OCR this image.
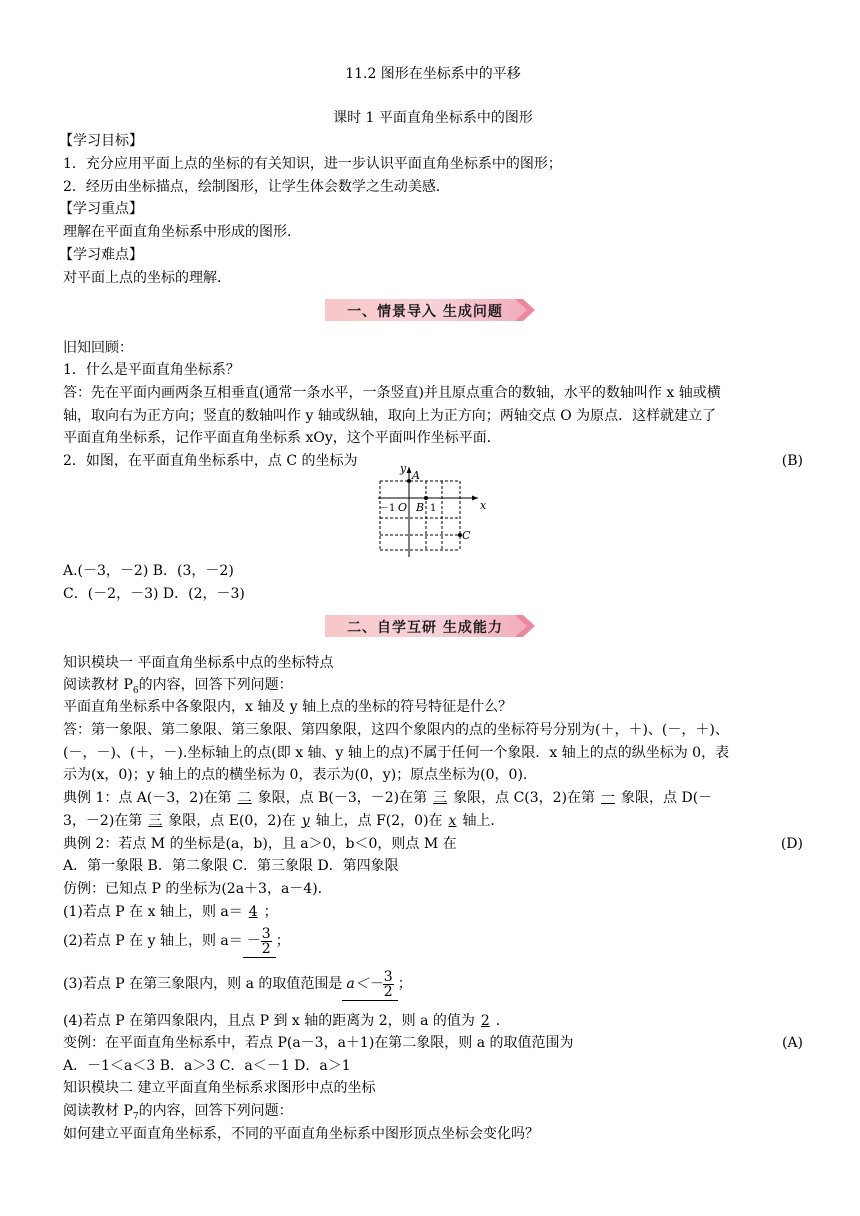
11.2 图形在坐标系中的平移
课时 1 平面直角坐标系中的图形
【学习目标】
1．充分应用平面上点的坐标的有关知识，进一步认识平面直角坐标系中的图形；
2．经历由坐标描点，绘制图形，让学生体会数学之生动美感．
【学习重点】
理解在平面直角坐标系中形成的图形．
【学习难点】
对平面上点的坐标的理解．
一、情景导入 生成问题
旧知回顾：
1．什么是平面直角坐标系？
答：先在平面内画两条互相垂直(通常一条水平，一条竖直)并且原点重合的数轴，水平的数轴叫作 x 轴或横
轴，取向右为正方向；竖直的数轴叫作 y 轴或纵轴，取向上为正方向；两轴交点 O 为原点．这样就建立了
平面直角坐标系，记作平面直角坐标系 xOy，这个平面叫作坐标平面．
2．如图，在平面直角坐标系中，点 C 的坐标为	(B)
y
x
A
B
C
O
－1	1
A.(－3，－2) B．(3，－2)
C．(－2，－3) D．(2，－3)
二、自学互研 生成能力
知识模块一 平面直角坐标系中点的坐标特点
阅读教材 $P_6$的内容，回答下列问题：
平面直角坐标系中各象限内，x 轴及 y 轴上点的坐标的符号特征是什么？
答：第一象限、第二象限、第三象限、第四象限，这四个象限内的点的坐标符号分别为(＋，＋)、(－，＋)、
(－，－)、(＋，－).坐标轴上的点(即 x 轴、y 轴上的点)不属于任何一个象限．x 轴上的点的纵坐标为 0，表
示为(x，0)；y 轴上的点的横坐标为 0，表示为(0，y)；原点坐标为(0，0).
典例 1：点 A(－3，2)在第 二 象限，点 B(－3，－2)在第 三 象限，点 C(3，2)在第 一 象限，点 D(－
3，－2)在第 三 象限，点 E(0，2)在 y 轴上，点 F(2，0)在 x 轴上．
典例 2：若点 M 的坐标是(a，b)，且 a＞0，b＜0，则点 M 在	(D)
A．第一象限 B．第二象限 C．第三象限 D．第四象限
仿例：已知点 P 的坐标为(2a＋3，a－4).
(1)若点 P 在 x 轴上，则 a＝ 4 ；
(2)若点 P 在 y 轴上，则 $a= - \frac{3}{2}$ ；
(3)若点 P 在第三象限内，则 a 的取值范围是 $a<- \frac{3}{2}$ ；
(4)若点 P 在第四象限内，且点 P 到 x 轴的距离为 2，则 a 的值为 2 ．
变例：在平面直角坐标系中，若点 P(a－3，a＋1)在第二象限，则 a 的取值范围为	(A)
A．－1＜a＜3 B．a＞3 C．a＜－1 D．a＞1
知识模块二 建立平面直角坐标系求图形中点的坐标
阅读教材 $P_7$的内容，回答下列问题：
如何建立平面直角坐标系，不同的平面直角坐标系中图形顶点坐标会变化吗？
